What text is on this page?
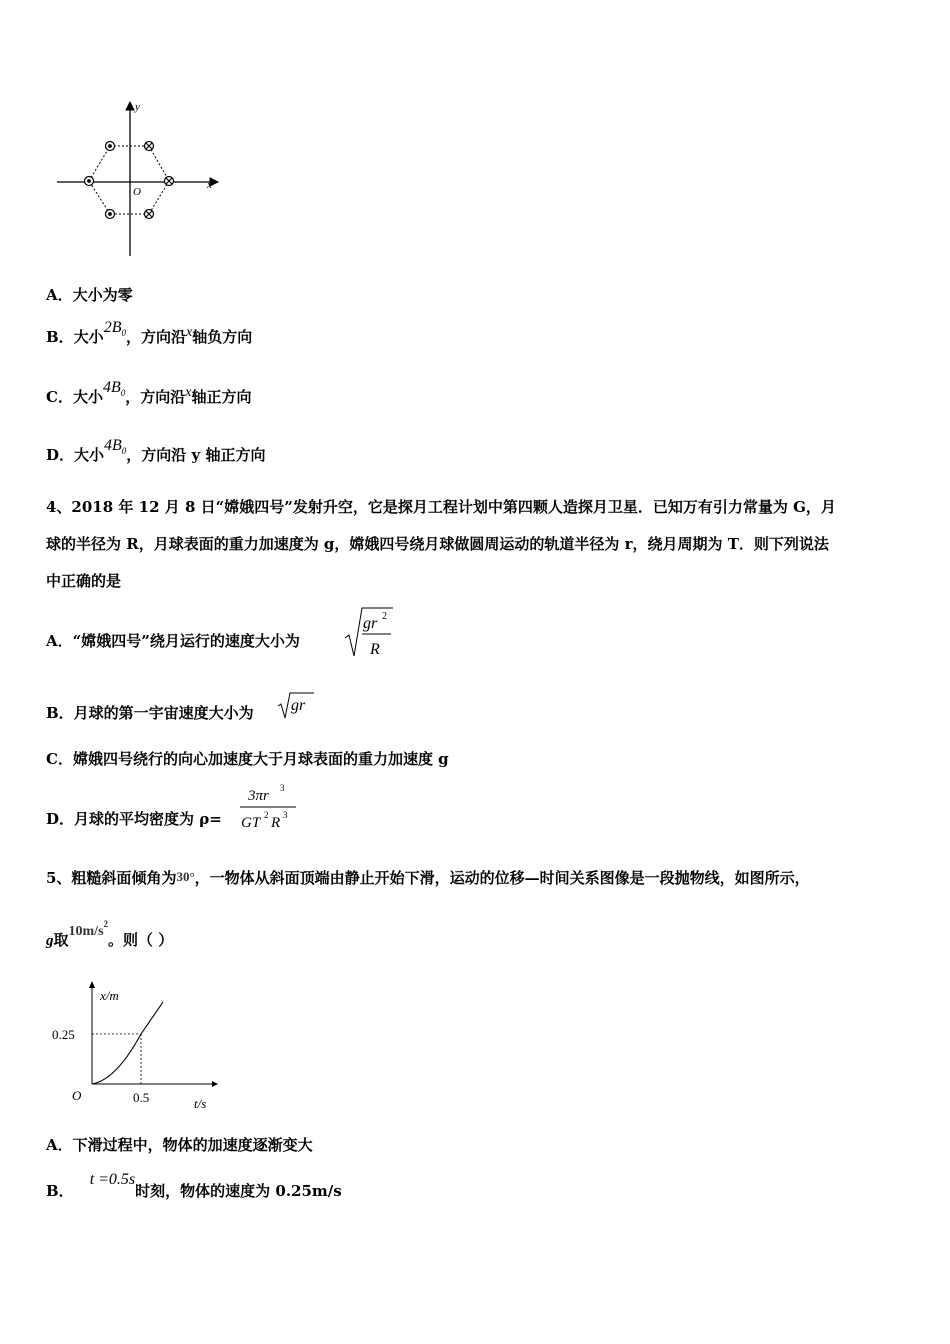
y
x
O
A．大小为零
B．大小$2B_0$，方向沿x轴负方向
C．大小$4B_0$，方向沿x轴正方向
D．大小$4B_0$，方向沿 y 轴正方向
4、2018 年 12 月 8 日“嫦娥四号”发射升空，它是探月工程计划中第四颗人造探月卫星．已知万有引力常量为 G，月
球的半径为 R，月球表面的重力加速度为 g，嫦娥四号绕月球做圆周运动的轨道半径为 r，绕月周期为 T．则下列说法
中正确的是
A．“嫦娥四号”绕月运行的速度大小为
gr 2
R
B．月球的第一宇宙速度大小为 gr
C．嫦娥四号绕行的向心加速度大于月球表面的重力加速度 g
D．月球的平均密度为 ρ=
3πr 3
GT 2 R 3
5、粗糙斜面倾角为30°，一物体从斜面顶端由静止开始下滑，运动的位移—时间关系图像是一段抛物线，如图所示，
g取$10m/s^2$。则（ ）
x/m
0.25
0.5
O
t/s
A．下滑过程中，物体的加速度逐渐变大
B．t =0.5s时刻，物体的速度为 0.25m/s
